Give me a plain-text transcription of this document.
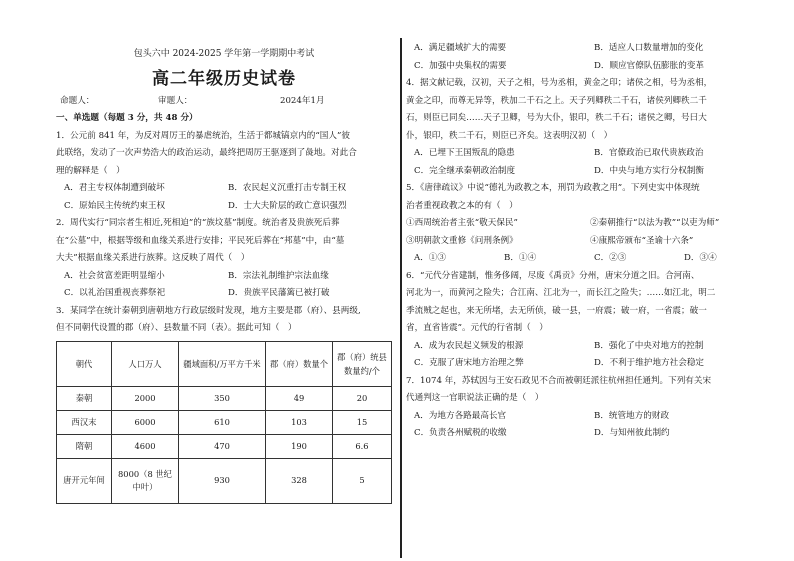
包头六中 2024-2025 学年第一学期期中考试
高二年级历史试卷
命题人：	审题人：	2024年1月
一、单选题（每题 3 分，共 48 分）
1．公元前 841 年，为反对周厉王的暴虐统治，生活于都城镐京内的“国人”彼
此联络，发动了一次声势浩大的政治运动，最终把周厉王驱逐到了彘地。对此合
理的解释是（　）
A．君主专权体制遭到破坏	B．农民起义沉重打击专制王权
C．原始民主传统约束王权	D．士大夫阶层的政亡意识强烈
2．周代实行“同宗者生相近,死相迫”的“族坟墓”制度。统治者及贵族死后葬
在“公墓”中，根据等级和血缘关系进行安排；平民死后葬在“邦墓”中，由“墓
大夫”根据血缘关系进行族葬。这反映了周代（　）
A．社会贫富差距明显缩小	B．宗法礼制维护宗法血缘
C．以礼治国重视丧葬祭祀	D．贵族平民藩篱已被打破
3．某同学在统计秦朝到唐朝地方行政层级时发现，地方主要是郡（府）、县两级,
但不同朝代设置的郡（府）、县数量不同（表）。据此可知（　）
朝代	人口万人	疆域面积/万平方千米	郡（府）数量个	郡（府）统县数量约/个
秦朝	2000	350	49	20
西汉末	6000	610	103	15
隋朝	4600	470	190	6.6
唐开元年间	8000（8 世纪中叶）	930	328	5
A．满足疆域扩大的需要	B．适应人口数量增加的变化
C．加强中央集权的需要	D．顺应官僚队伍膨胀的变革
4．据文献记载，汉初，天子之相，号为丞相，黄金之印；诸侯之相，号为丞相，
黄金之印，而尊无异等，秩加二千石之上。天子列卿秩二千石，诸侯列卿秩二千
石，则臣已同矣……天子卫卿，号为大仆，银印，秩二千石；诸侯之卿，号曰大
仆，银印，秩二千石，则臣已齐矣。这表明汉初（　）
A．已埋下王国叛乱的隐患	B．官僚政治已取代贵族政治
C．完全继承秦朝政治制度	D．中央与地方实行分权制衡
5．《唐律疏议》中说“德礼为政教之本，刑罚为政教之用”。下列史实中体现统
治者重视政教之本的有（　）
①西周统治者主张“敬天保民”	②秦朝推行“以法为教”“以吏为师”
③明朝款文重修《问刑条例》	④康熙帝颁布“圣谕十六条”
A．①③	B．①④	C．②③	D．③④
6．“元代分省建制，惟务侈阔，尽废《禹贡》分州，唐宋分道之旧。合河南、
河北为一，而黄河之险失；合江南、江北为一，而长江之险失；……如江北，明二
季流贼之起也，来无所堵，去无所侦，破一县，一府震；破一府，一省震；破一
省，直省皆震”。元代的行省制（　）
A．成为农民起义频发的根源	B．强化了中央对地方的控制
C．克服了唐宋地方治理之弊	D．不利于维护地方社会稳定
7．1074 年，苏轼因与王安石政见不合而被朝廷派往杭州担任通判。下列有关宋
代通判这一官职说法正确的是（　）
A．为地方各路最高长官	B．统管地方的财政
C．负责各州赋税的收缴	D．与知州彼此制约
